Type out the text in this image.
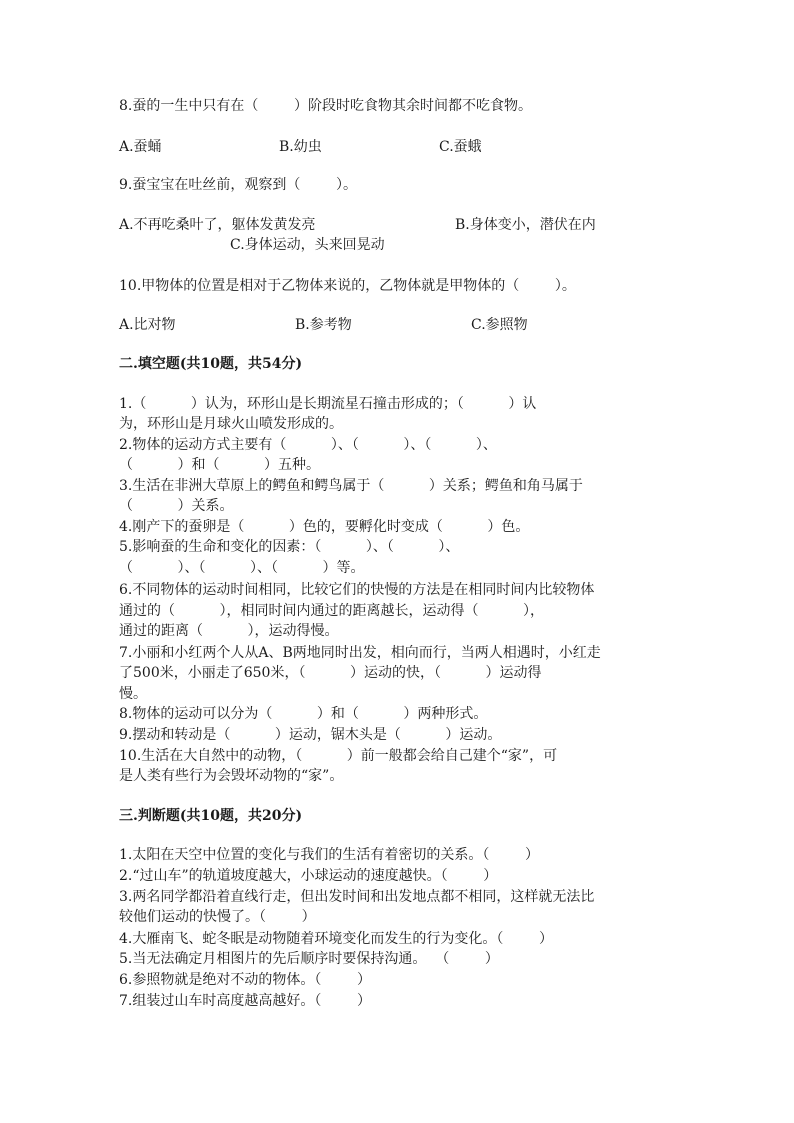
8.蚕的一生中只有在（        ）阶段时吃食物其余时间都不吃食物。
A.蚕蛹	B.幼虫	C.蚕蛾
9.蚕宝宝在吐丝前，观察到（        ）。
A.不再吃桑叶了，躯体发黄发亮	B.身体变小，潜伏在内
C.身体运动，头来回晃动
10.甲物体的位置是相对于乙物体来说的，乙物体就是甲物体的（        ）。
A.比对物	B.参考物	C.参照物
二.填空题(共10题，共54分)
1.（          ）认为，环形山是长期流星石撞击形成的；（          ）认
为，环形山是月球火山喷发形成的。
2.物体的运动方式主要有（          ）、（          ）、（          ）、
（          ）和（          ）五种。
3.生活在非洲大草原上的鳄鱼和鳄鸟属于（          ）关系；鳄鱼和角马属于
（          ）关系。
4.刚产下的蚕卵是（          ）色的，要孵化时变成（          ）色。
5.影响蚕的生命和变化的因素：（          ）、（          ）、
（          ）、（          ）、（          ）等。
6.不同物体的运动时间相同，比较它们的快慢的方法是在相同时间内比较物体
通过的（          ），相同时间内通过的距离越长，运动得（          ），
通过的距离（          ），运动得慢。
7.小丽和小红两个人从A、B两地同时出发，相向而行，当两人相遇时，小红走
了500米，小丽走了650米，（          ）运动的快，（          ）运动得
慢。
8.物体的运动可以分为（          ）和（          ）两种形式。
9.摆动和转动是（          ）运动，锯木头是（          ）运动。
10.生活在大自然中的动物，（          ）前一般都会给自己建个“家”，可
是人类有些行为会毁坏动物的“家”。
三.判断题(共10题，共20分)
1.太阳在天空中位置的变化与我们的生活有着密切的关系。（        ）
2.“过山车”的轨道坡度越大，小球运动的速度越快。（        ）
3.两名同学都沿着直线行走，但出发时间和出发地点都不相同，这样就无法比
较他们运动的快慢了。（        ）
4.大雁南飞、蛇冬眠是动物随着环境变化而发生的行为变化。（        ）
5.当无法确定月相图片的先后顺序时要保持沟通。  （        ）
6.参照物就是绝对不动的物体。（        ）
7.组装过山车时高度越高越好。（        ）
